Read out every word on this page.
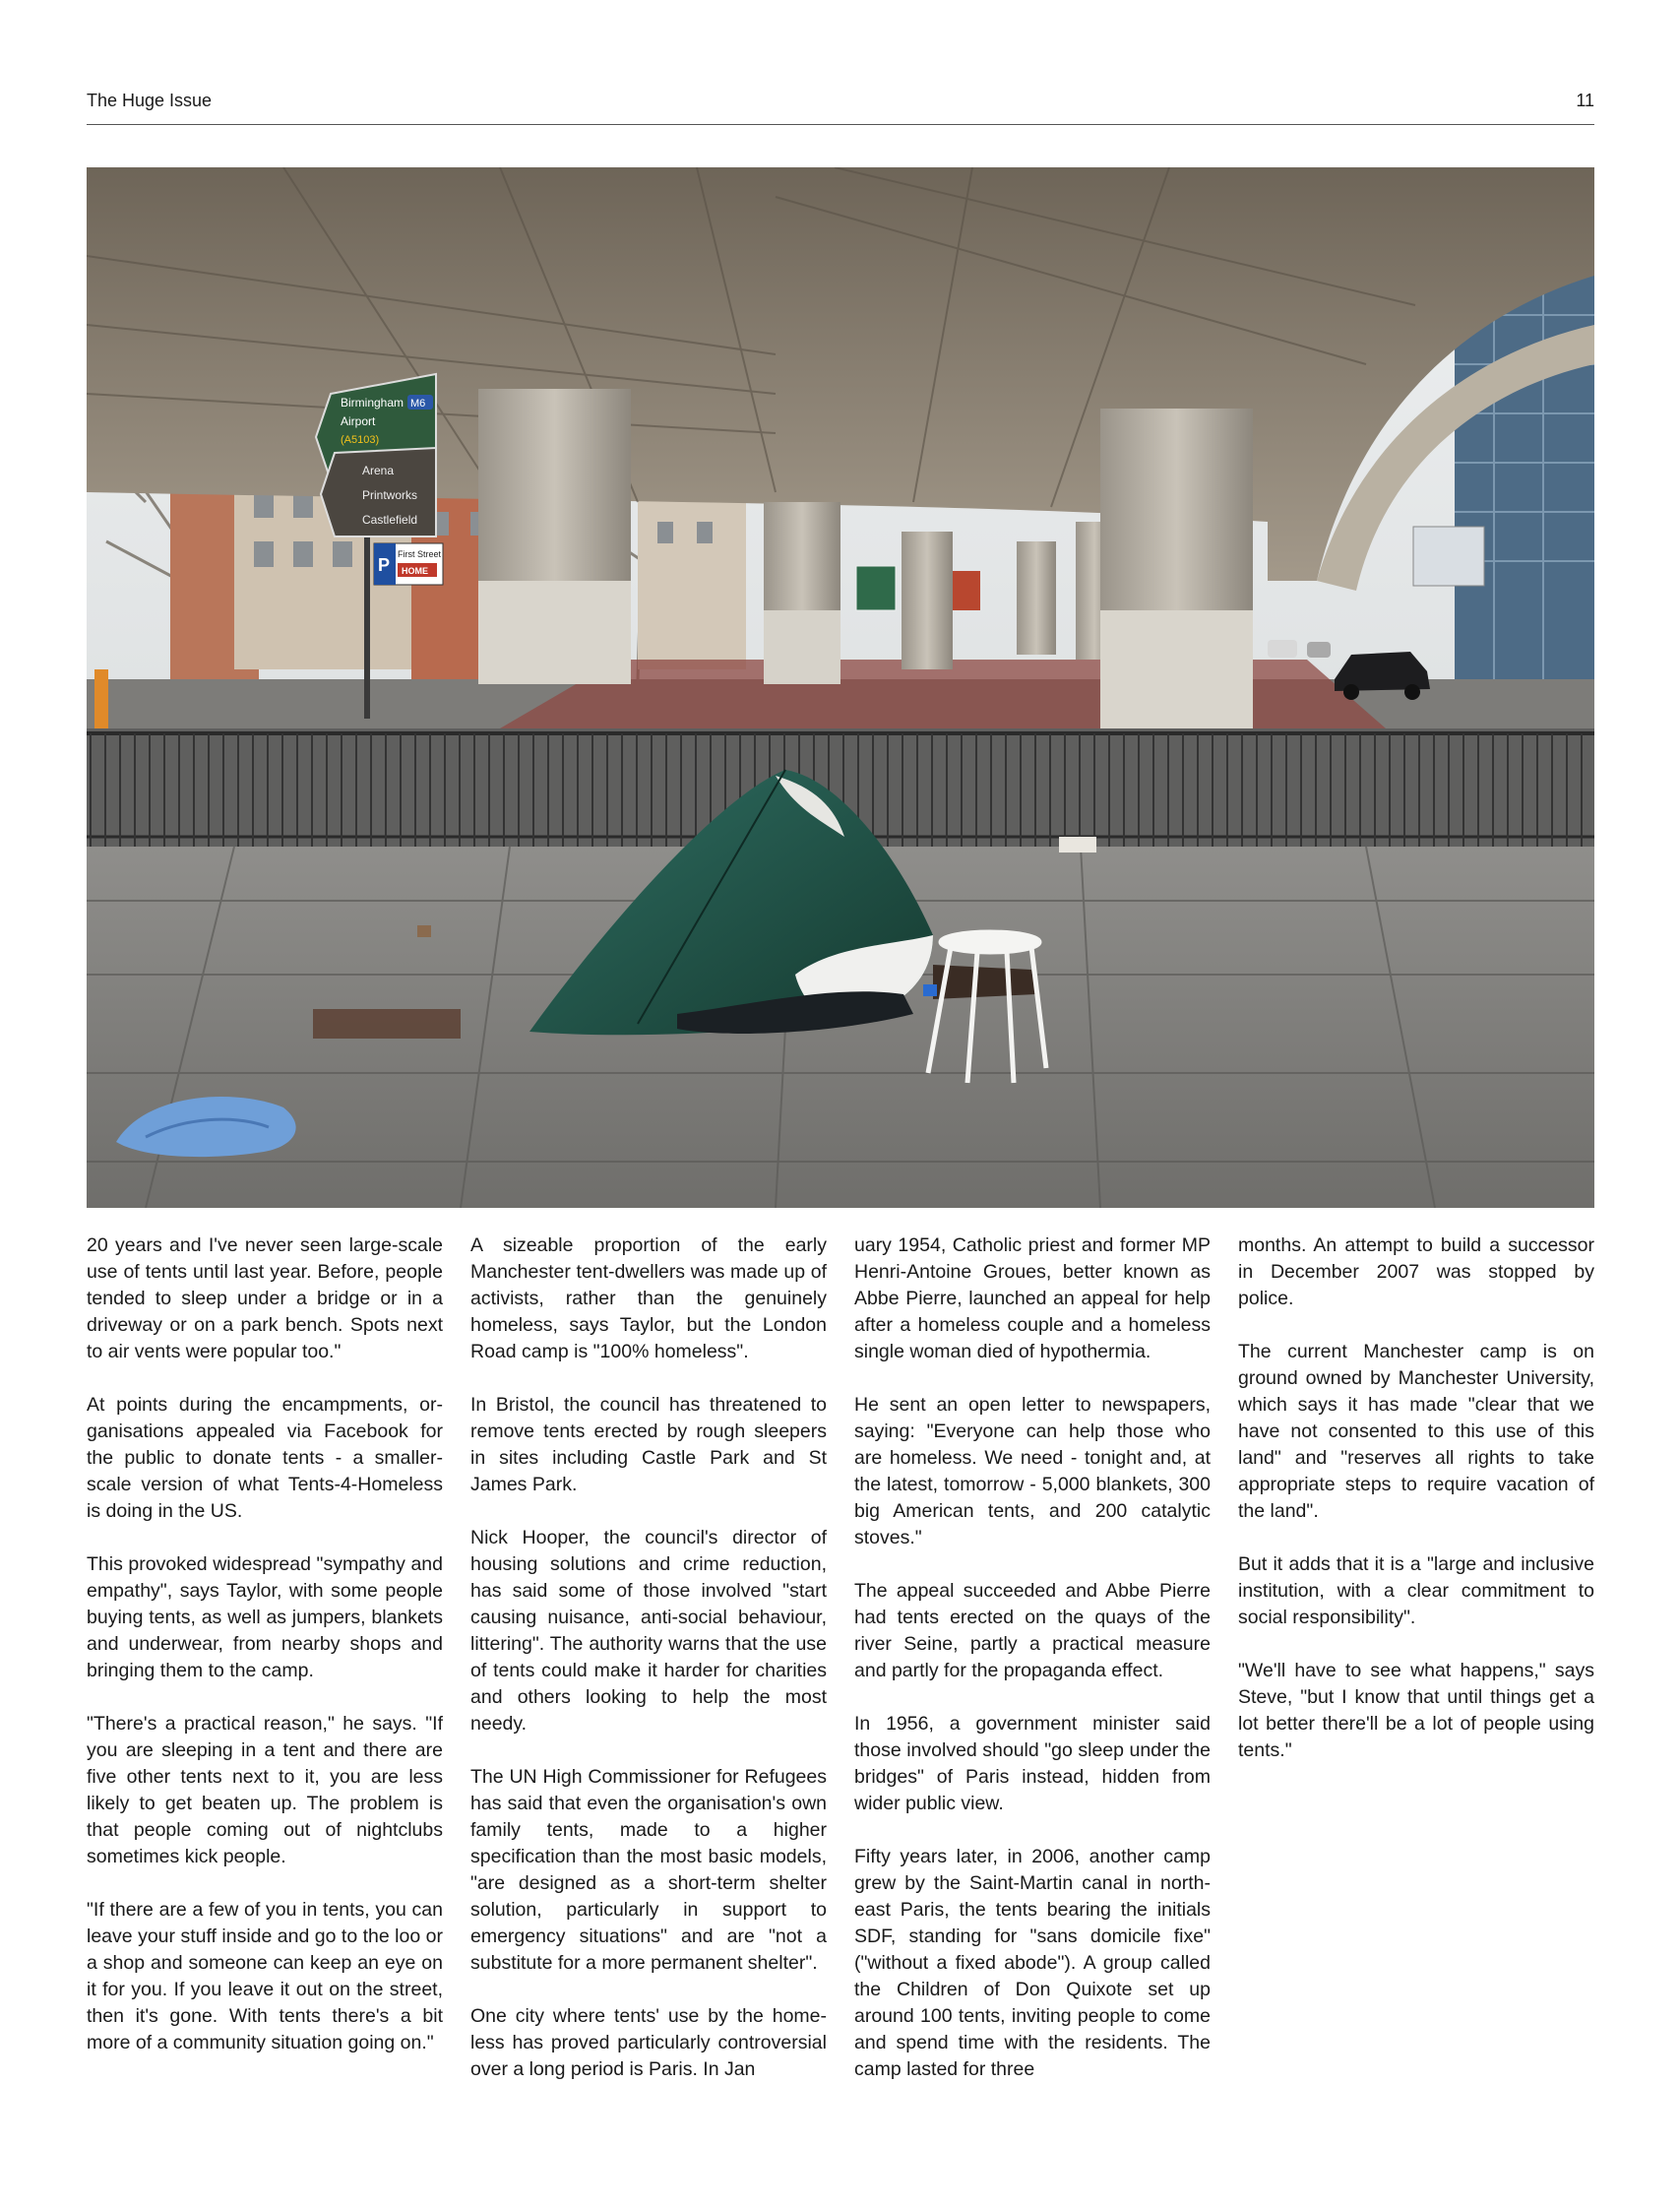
The Huge Issue	11
Birmingham M6
Airport
(A5103)
Arena
Printworks
Castlefield
P
First Street
HOME

20 years and I've never seen large-scale use of tents until last year. Before, people tended to sleep under a bridge or in a driveway or on a park bench. Spots next to air vents were popular too."

At points during the encampments, organisations appealed via Facebook for the public to donate tents - a smaller-scale version of what Tents-4-Homeless is doing in the US.

This provoked widespread "sympathy and empathy", says Taylor, with some people buying tents, as well as jumpers, blankets and underwear, from nearby shops and bringing them to the camp.

"There's a practical reason," he says. "If you are sleeping in a tent and there are five other tents next to it, you are less likely to get beaten up. The problem is that people coming out of nightclubs sometimes kick people.

"If there are a few of you in tents, you can leave your stuff inside and go to the loo or a shop and someone can keep an eye on it for you. If you leave it out on the street, then it's gone. With tents there's a bit more of a community situation going on."

A sizeable proportion of the early Manchester tent-dwellers was made up of activists, rather than the genuinely homeless, says Taylor, but the London Road camp is "100% homeless".

In Bristol, the council has threatened to remove tents erected by rough sleepers in sites including Castle Park and St James Park.

Nick Hooper, the council's director of housing solutions and crime reduction, has said some of those involved "start causing nuisance, anti-social behaviour, littering". The authority warns that the use of tents could make it harder for charities and others looking to help the most needy.

The UN High Commissioner for Refugees has said that even the organisation's own family tents, made to a higher specification than the most basic models, "are designed as a short-term shelter solution, particularly in support to emergency situations" and are "not a substitute for a more permanent shelter".

One city where tents' use by the homeless has proved particularly controversial over a long period is Paris. In Jan

uary 1954, Catholic priest and former MP Henri-Antoine Groues, better known as Abbe Pierre, launched an appeal for help after a homeless couple and a homeless single woman died of hypothermia.

He sent an open letter to newspapers, saying: "Everyone can help those who are homeless. We need - tonight and, at the latest, tomorrow - 5,000 blankets, 300 big American tents, and 200 catalytic stoves."

The appeal succeeded and Abbe Pierre had tents erected on the quays of the river Seine, partly a practical measure and partly for the propaganda effect.

In 1956, a government minister said those involved should "go sleep under the bridges" of Paris instead, hidden from wider public view.

Fifty years later, in 2006, another camp grew by the Saint-Martin canal in north-east Paris, the tents bearing the initials SDF, standing for "sans domicile fixe" ("without a fixed abode"). A group called the Children of Don Quixote set up around 100 tents, inviting people to come and spend time with the residents. The camp lasted for three

months. An attempt to build a successor in December 2007 was stopped by police.

The current Manchester camp is on ground owned by Manchester University, which says it has made "clear that we have not consented to this use of this land" and "reserves all rights to take appropriate steps to require vacation of the land".

But it adds that it is a "large and inclusive institution, with a clear commitment to social responsibility".

"We'll have to see what happens," says Steve, "but I know that until things get a lot better there'll be a lot of people using tents."
